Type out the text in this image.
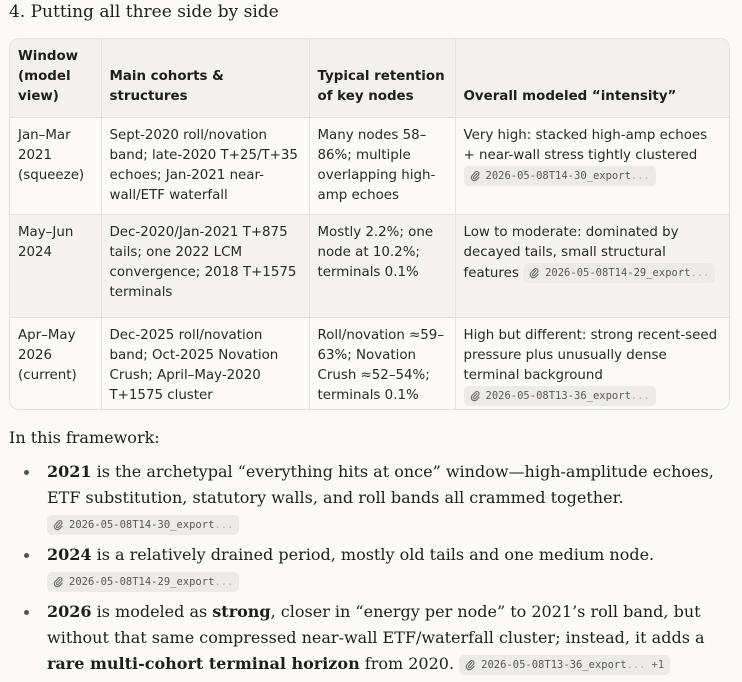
4. Putting all three side by side
Window (model view)	Main cohorts & structures	Typical retention of key nodes	Overall modeled “intensity”
Jan–Mar 2021 (squeeze)	Sept-2020 roll/novation band; late-2020 T+25/T+35 echoes; Jan-2021 near-wall/ETF waterfall	Many nodes 58–86%; multiple overlapping high-amp echoes	Very high: stacked high-amp echoes + near-wall stress tightly clustered
2026-05-08T14-30_export ...

May–Jun 2024	Dec-2020/Jan-2021 T+875 tails; one 2022 LCM convergence; 2018 T+1575 terminals	Mostly 2.2%; one node at 10.2%; terminals 0.1%	Low to moderate: dominated by decayed tails, small structural features 2026-05-08T14-29_export ...

Apr–May 2026 (current)	Dec-2025 roll/novation band; Oct-2025 Novation Crush; April–May-2020 T+1575 cluster	Roll/novation ≈59–63%; Novation Crush ≈52–54%; terminals 0.1%	High but different: strong recent-seed pressure plus unusually dense terminal background
2026-05-08T13-36_export ...
In this framework:
2021 is the archetypal “everything hits at once” window—high-amplitude echoes, ETF substitution, statutory walls, and roll bands all crammed together.
2026-05-08T14-30_export ...
2024 is a relatively drained period, mostly old tails and one medium node.

2026-05-08T14-29_export ...
2026 is modeled as strong, closer in “energy per node” to 2021’s roll band, but without that same compressed near-wall ETF/waterfall cluster; instead, it adds a rare multi-cohort terminal horizon from 2020.	2026-05-08T13-36_export ... +1
